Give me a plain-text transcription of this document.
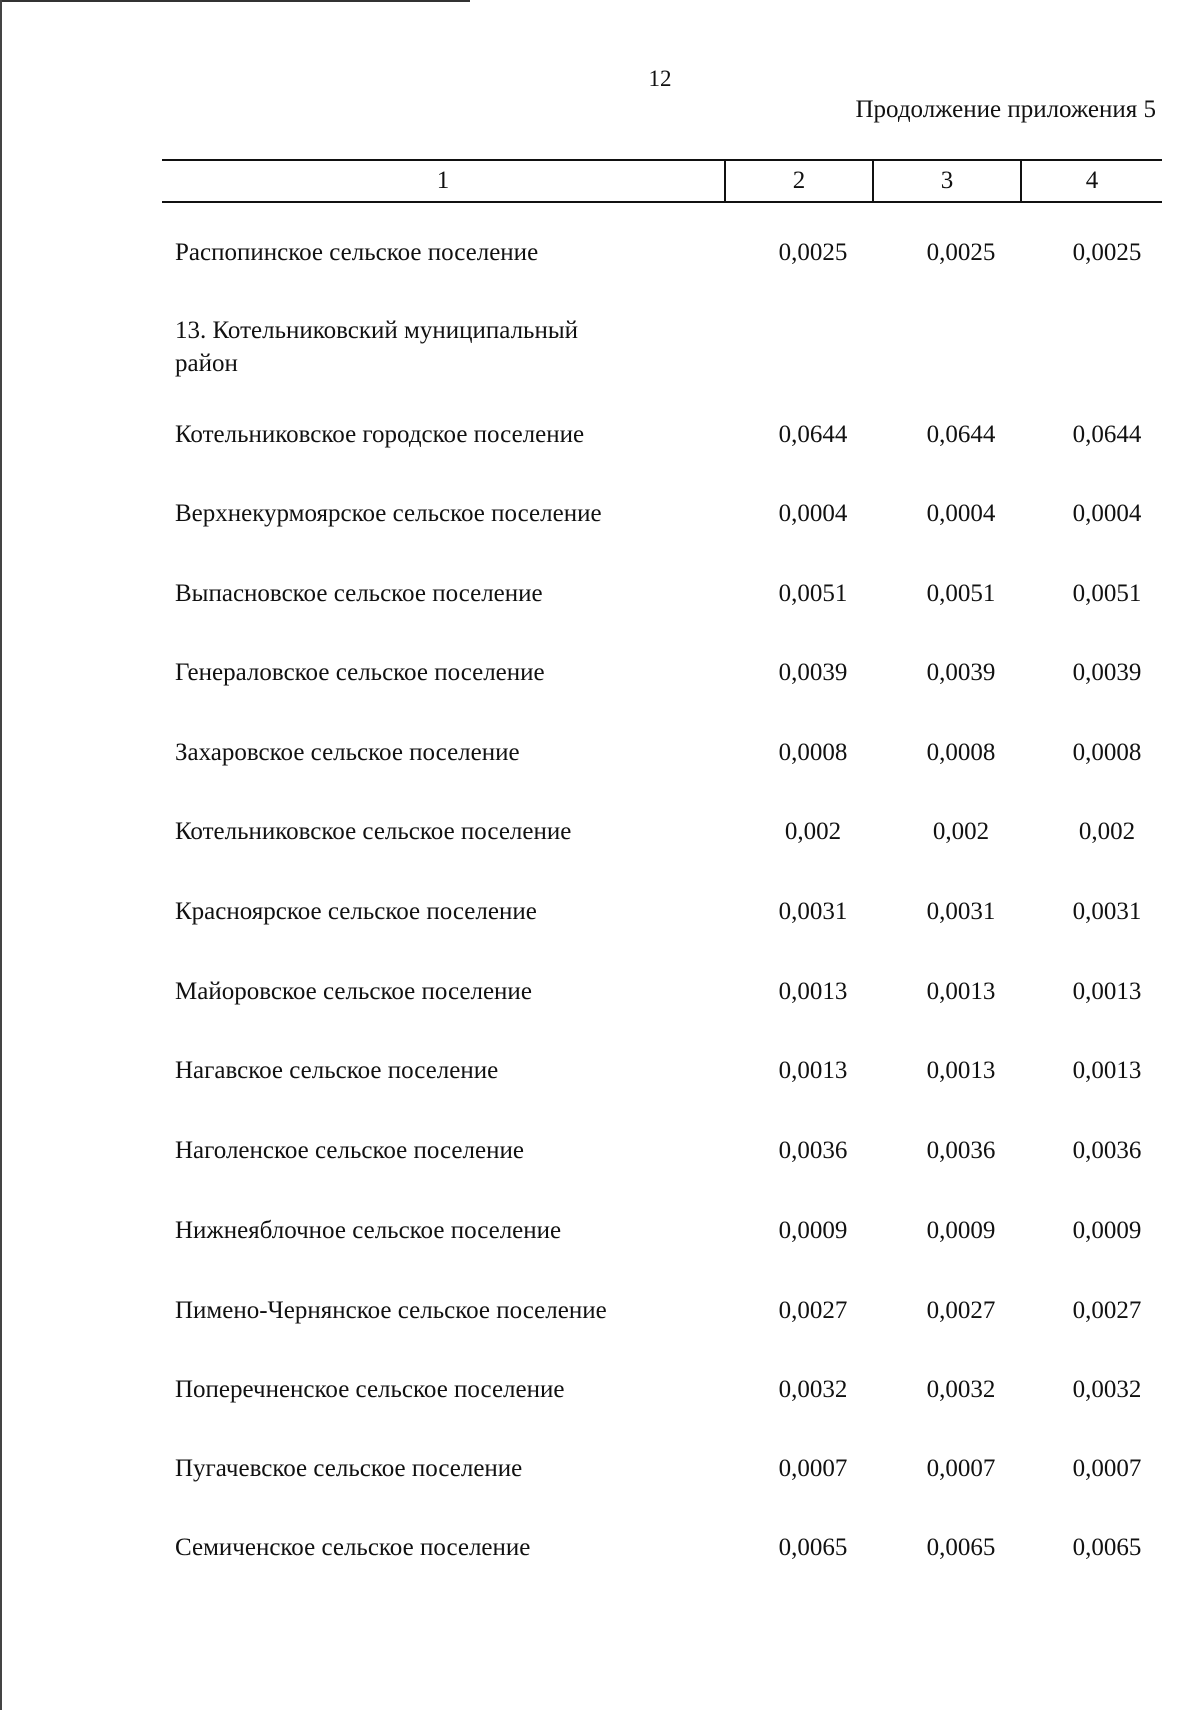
12
Продолжение приложения 5
1	2	3	4
Распопинское сельское поселение	0,0025	0,0025	0,0025
13. Котельниковский муниципальный район
Котельниковское городское поселение	0,0644	0,0644	0,0644
Верхнекурмоярское сельское поселение	0,0004	0,0004	0,0004
Выпасновское сельское поселение	0,0051	0,0051	0,0051
Генераловское сельское поселение	0,0039	0,0039	0,0039
Захаровское сельское поселение	0,0008	0,0008	0,0008
Котельниковское сельское поселение	0,002	0,002	0,002
Красноярское сельское поселение	0,0031	0,0031	0,0031
Майоровское сельское поселение	0,0013	0,0013	0,0013
Нагавское сельское поселение	0,0013	0,0013	0,0013
Наголенское сельское поселение	0,0036	0,0036	0,0036
Нижнеяблочное сельское поселение	0,0009	0,0009	0,0009
Пимено-Чернянское сельское поселение	0,0027	0,0027	0,0027
Поперечненское сельское поселение	0,0032	0,0032	0,0032
Пугачевское сельское поселение	0,0007	0,0007	0,0007
Семиченское сельское поселение	0,0065	0,0065	0,0065
